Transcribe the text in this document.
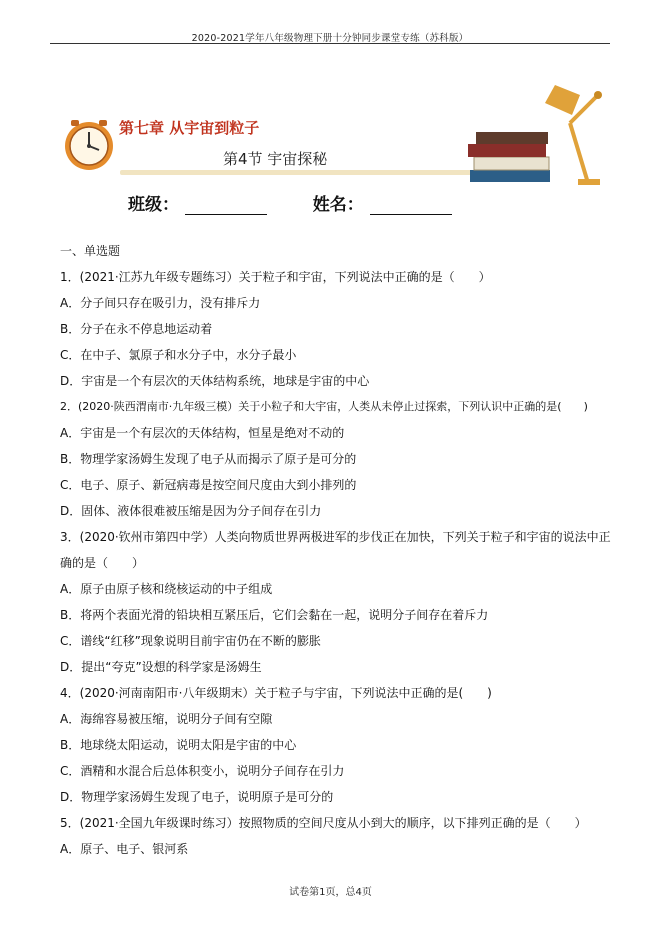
2020-2021学年八年级物理下册十分钟同步课堂专练（苏科版）
第七章 从宇宙到粒子
第4节 宇宙探秘
班级：	姓名：

一、单选题

1．(2021·江苏九年级专题练习）关于粒子和宇宙，下列说法中正确的是（　　）

A．分子间只存在吸引力，没有排斥力

B．分子在永不停息地运动着

C．在中子、氯原子和水分子中，水分子最小

D．宇宙是一个有层次的天体结构系统，地球是宇宙的中心

2．(2020·陕西渭南市·九年级三模）关于小粒子和大宇宙，人类从未停止过探索，下列认识中正确的是(　　)

A．宇宙是一个有层次的天体结构，恒星是绝对不动的

B．物理学家汤姆生发现了电子从而揭示了原子是可分的

C．电子、原子、新冠病毒是按空间尺度由大到小排列的

D．固体、液体很难被压缩是因为分子间存在引力

3．(2020·钦州市第四中学）人类向物质世界两极进军的步伐正在加快，下列关于粒子和宇宙的说法中正确的是（　　）

A．原子由原子核和绕核运动的中子组成

B．将两个表面光滑的铅块相互紧压后，它们会黏在一起，说明分子间存在着斥力

C．谱线“红移”现象说明目前宇宙仍在不断的膨胀

D．提出“夸克”设想的科学家是汤姆生

4．(2020·河南南阳市·八年级期末）关于粒子与宇宙，下列说法中正确的是(　　)

A．海绵容易被压缩，说明分子间有空隙

B．地球绕太阳运动，说明太阳是宇宙的中心

C．酒精和水混合后总体积变小，说明分子间存在引力

D．物理学家汤姆生发现了电子，说明原子是可分的

5．(2021·全国九年级课时练习）按照物质的空间尺度从小到大的顺序，以下排列正确的是（　　）

A．原子、电子、银河系

试卷第1页，总4页
